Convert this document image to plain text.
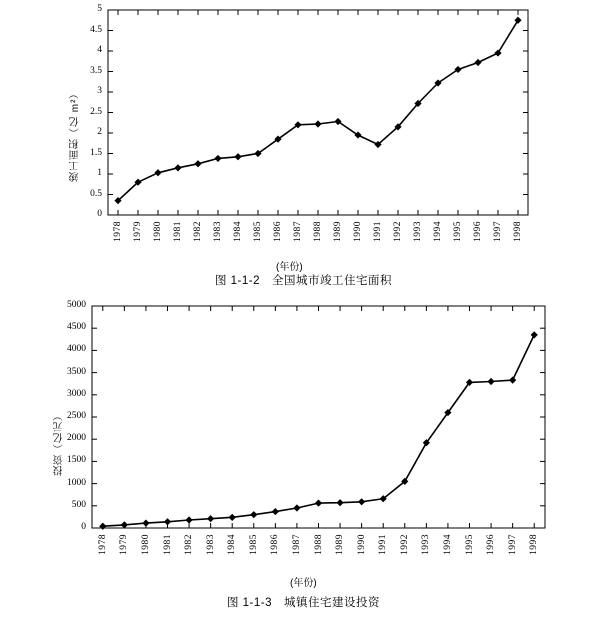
竣工面积（亿 m²）
0
0.5
1
1.5
2
2.5
3
3.5
4
4.5
5
1978 1979 1980 1981 1982 1983 1984 1985 1986 1987 1988 1989 1990 1991 1992 1993 1994 1995 1996 1997 1998
(年份)
图 1-1-2　全国城市竣工住宅面积
投资（亿元）
0
500
1000
1500
2000
2500
3000
3500
4000
4500
5000
1978 1979 1980 1981 1982 1983 1984 1985 1986 1987 1988 1989 1990 1991 1992 1993 1994 1995 1996 1997 1998
(年份)
图 1-1-3　城镇住宅建设投资
